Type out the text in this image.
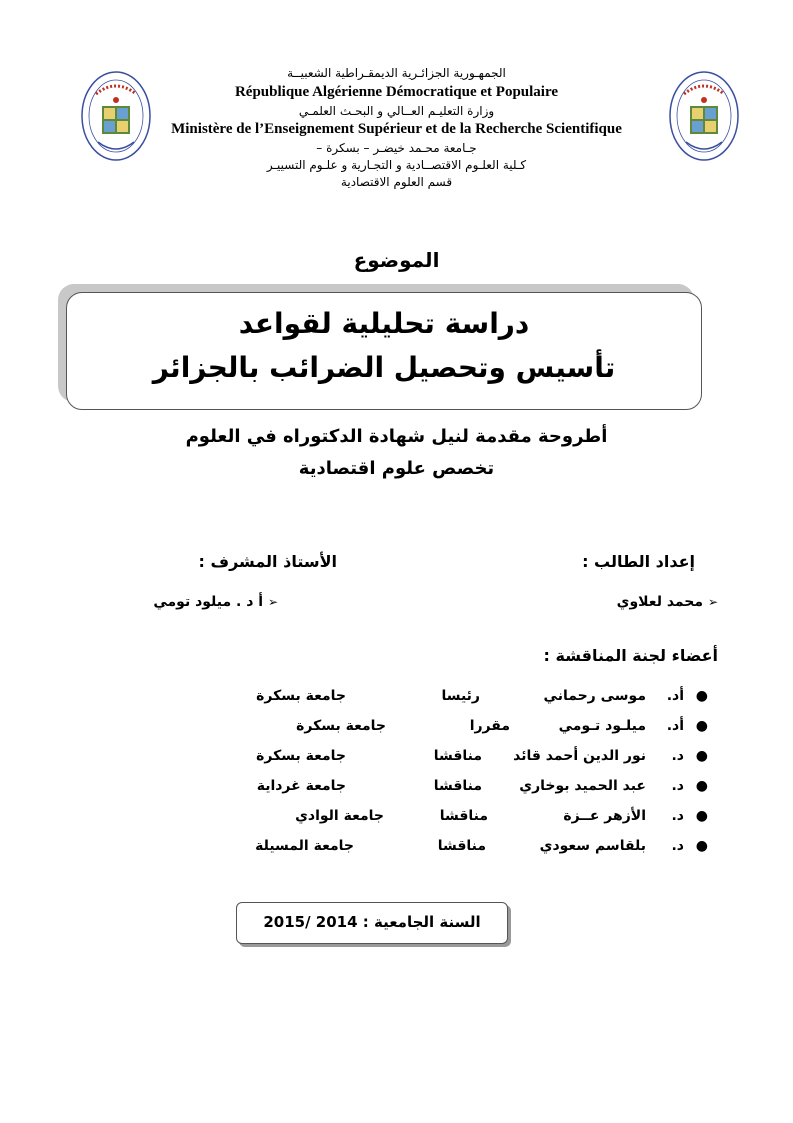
الجمهـورية الجزائـرية الديمقـراطية الشعبيــة
République Algérienne Démocratique et Populaire
وزارة التعليـم العــالي و البحـث العلمـي
Ministère de l’Enseignement Supérieur et de la Recherche Scientifique
جـامعة محـمد خيضـر – بسكرة –
كـلية العلـوم الاقتصــادية و التجـارية و علـوم التسييـر
قسم العلوم الاقتصادية
الموضوع
دراسة تحليلية لقواعد
تأسيس وتحصيل الضرائب بالجزائر
أطروحة مقدمة لنيل شهادة الدكتوراه في العلوم
تخصص علوم اقتصادية
إعداد الطالب :
الأستاذ المشرف :
➢ محمد لعلاوي
➢ أ د . ميلود تومي
أعضاء لجنة المناقشة :
●
أد.
موسى رحماني
رئيسا
جامعة بسكرة
●
أد.
ميلـود تـومي
مقررا
جامعة بسكرة
●
د.
نور الدين أحمد قائد
مناقشا
جامعة بسكرة
●
د.
عبد الحميد بوخاري
مناقشا
جامعة غرداية
●
د.
الأزهر عــزة
مناقشا
جامعة الوادي
●
د.
بلقاسم سعودي
مناقشا
جامعة المسيلة
السنة الجامعية : 2014 /2015
